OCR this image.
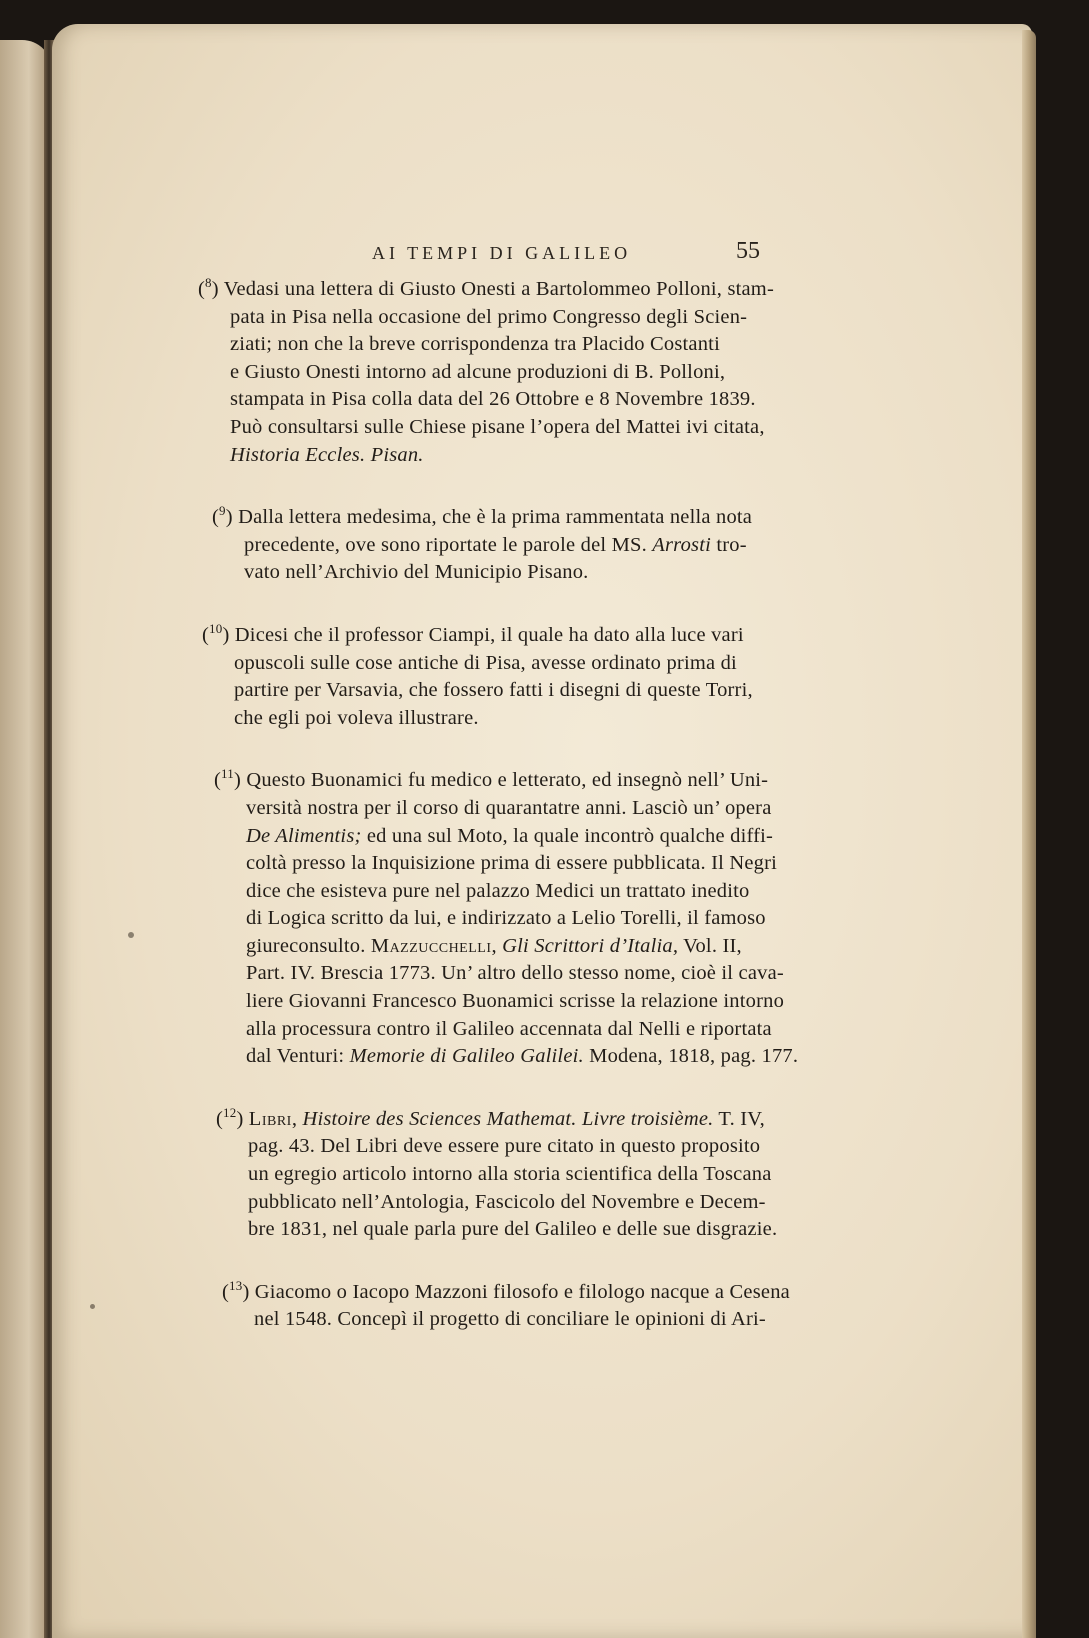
AI TEMPI DI GALILEO	55
($^8$) Vedasi una lettera di Giusto Onesti a Bartolommeo Polloni, stam-
pata in Pisa nella occasione del primo Congresso degli Scien-
ziati; non che la breve corrispondenza tra Placido Costanti
e Giusto Onesti intorno ad alcune produzioni di B. Polloni,
stampata in Pisa colla data del 26 Ottobre e 8 Novembre 1839.
Può consultarsi sulle Chiese pisane l’opera del Mattei ivi citata,
Historia Eccles. Pisan.
($^9$) Dalla lettera medesima, che è la prima rammentata nella nota
precedente, ove sono riportate le parole del MS. Arrosti tro-
vato nell’Archivio del Municipio Pisano.
($^{10}$) Dicesi che il professor Ciampi, il quale ha dato alla luce vari
opuscoli sulle cose antiche di Pisa, avesse ordinato prima di
partire per Varsavia, che fossero fatti i disegni di queste Torri,
che egli poi voleva illustrare.
($^{11}$) Questo Buonamici fu medico e letterato, ed insegnò nell’ Uni-
versità nostra per il corso di quarantatre anni. Lasciò un’ opera
De Alimentis; ed una sul Moto, la quale incontrò qualche diffi-
coltà presso la Inquisizione prima di essere pubblicata. Il Negri
dice che esisteva pure nel palazzo Medici un trattato inedito
di Logica scritto da lui, e indirizzato a Lelio Torelli, il famoso
giureconsulto. Mazzucchelli, Gli Scrittori d’Italia, Vol. II,
Part. IV. Brescia 1773. Un’ altro dello stesso nome, cioè il cava-
liere Giovanni Francesco Buonamici scrisse la relazione intorno
alla processura contro il Galileo accennata dal Nelli e riportata
dal Venturi: Memorie di Galileo Galilei. Modena, 1818, pag. 177.
($^{12}$) Libri, Histoire des Sciences Mathemat. Livre troisième. T. IV,
pag. 43. Del Libri deve essere pure citato in questo proposito
un egregio articolo intorno alla storia scientifica della Toscana
pubblicato nell’Antologia, Fascicolo del Novembre e Decem-
bre 1831, nel quale parla pure del Galileo e delle sue disgrazie.
($^{13}$) Giacomo o Iacopo Mazzoni filosofo e filologo nacque a Cesena
nel 1548. Concepì il progetto di conciliare le opinioni di Ari-
